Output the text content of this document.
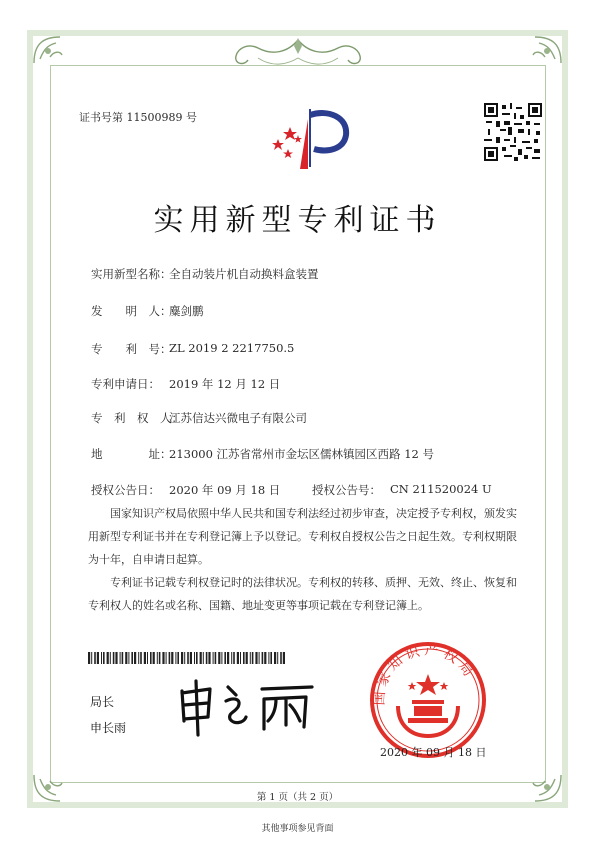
证书号第 11500989 号
实用新型专利证书
实用新型名称：
全自动装片机自动换料盒装置
发　　明　人：
麋剑鹏
专　　利　号：
ZL 2019 2 2217750.5
专利申请日： 2019 年 12 月 12 日
专　利　权　人：
江苏信达兴微电子有限公司
地　　　　址：
213000 江苏省常州市金坛区儒林镇园区西路 12 号
授权公告日： 2020 年 09 月 18 日	授权公告号： CN 211520024 U

国家知识产权局依照中华人民共和国专利法经过初步审查，决定授予专利权，颁发实用新型专利证书并在专利登记簿上予以登记。专利权自授权公告之日起生效。专利权期限为十年，自申请日起算。

专利证书记载专利权登记时的法律状况。专利权的转移、质押、无效、终止、恢复和专利权人的姓名或名称、国籍、地址变更等事项记载在专利登记簿上。

局长
申长雨
国家知识产权局
2020 年 09 月 18 日
第 1 页（共 2 页）
其他事项参见背面
